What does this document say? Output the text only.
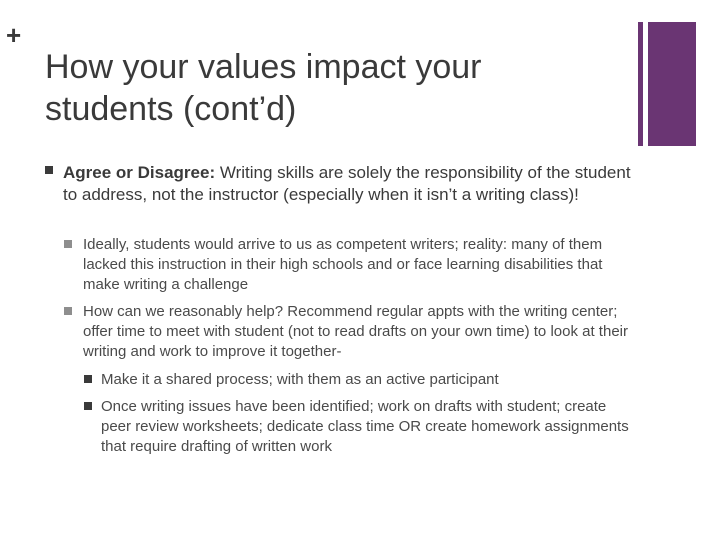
+
How your values impact your students (cont’d)
Agree or Disagree: Writing skills are solely the responsibility of the student to address, not the instructor (especially when it isn’t a writing class)!
Ideally, students would arrive to us as competent writers; reality: many of them lacked this instruction in their high schools and or face learning disabilities that make writing a challenge
How can we reasonably help? Recommend regular appts with the writing center; offer time to meet with student (not to read drafts on your own time) to look at their writing and work to improve it together-
Make it a shared process; with them as an active participant
Once writing issues have been identified; work on drafts with student; create peer review worksheets; dedicate class time OR create homework assignments that require drafting of written work
